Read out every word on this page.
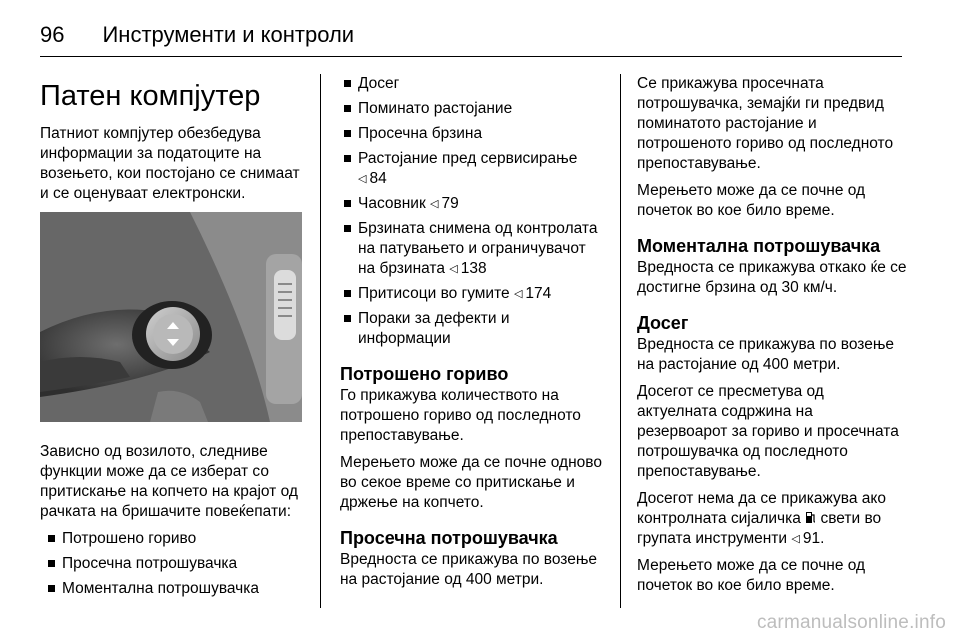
96 Инструменти и контроли
Патен компјутер

Патниот компјутер обезбедува информации за податоците на возењето, кои постојано се снимаат и се оценуваат електронски.

Зависно од возилото, следниве функции може да се изберат со притискање на копчето на крајот од рачката на бришачите повеќепати:

Потрошено гориво
Просечна потрошувачка
Моментална потрошувачка
Досег
Поминато растојание
Просечна брзина
Растојание пред сервисирање
◁ 84
Часовник ◁ 79
Брзината снимена од контролата на патувањето и ограничувачот на брзината ◁ 138
Притисоци во гумите ◁ 174
Пораки за дефекти и информации
Потрошено гориво

Го прикажува количеството на потрошено гориво од последното препоставување.

Мерењето може да се почне одново во секое време со притискање и држење на копчето.

Просечна потрошувачка

Вредноста се прикажува по возење на растојание од 400 метри.

Се прикажува просечната потрошувачка, земајќи ги предвид поминатото растојание и потрошеното гориво од последното препоставување.

Мерењето може да се почне од почеток во кое било време.

Моментална потрошувачка

Вредноста се прикажува откако ќе се достигне брзина од 30 км/ч.

Досег

Вредноста се прикажува по возење на растојание од 400 метри.

Досегот се пресметува од актуелната содржина на резервоарот за гориво и просечната потрошувачка од последното препоставување.

Досегот нема да се прикажува ако контролната сијаличка свети во групата инструменти ◁ 91.

Мерењето може да се почне од почеток во кое било време.

carmanualsonline.info
